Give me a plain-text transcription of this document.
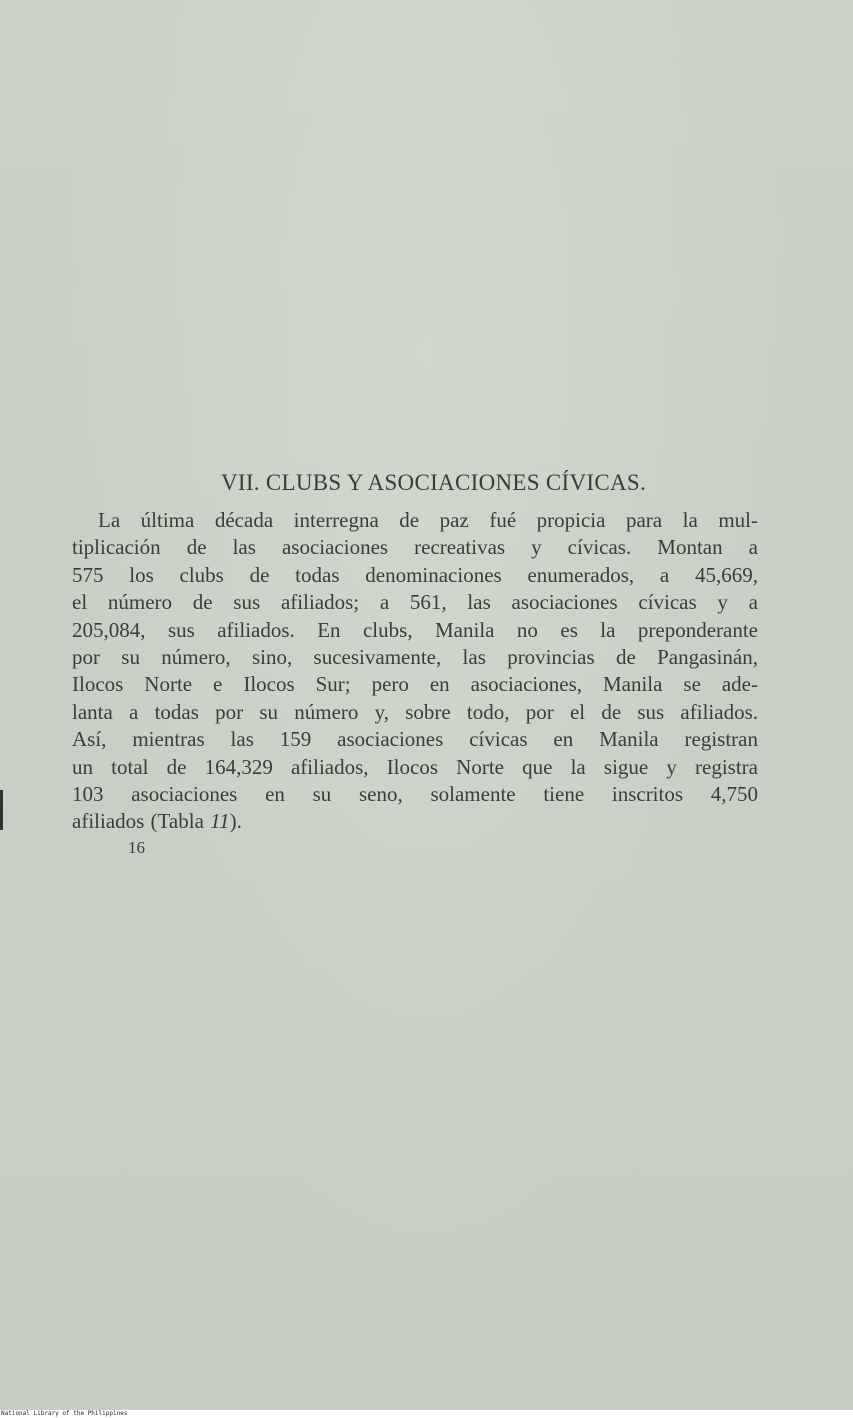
VII. CLUBS Y ASOCIACIONES CÍVICAS.
La última década interregna de paz fué propicia para la mul-
tiplicación de las asociaciones recreativas y cívicas. Montan a
575 los clubs de todas denominaciones enumerados, a 45,669,
el número de sus afiliados; a 561, las asociaciones cívicas y a
205,084, sus afiliados. En clubs, Manila no es la preponderante
por su número, sino, sucesivamente, las provincias de Pangasinán,
Ilocos Norte e Ilocos Sur; pero en asociaciones, Manila se ade-
lanta a todas por su número y, sobre todo, por el de sus afiliados.
Así, mientras las 159 asociaciones cívicas en Manila registran
un total de 164,329 afiliados, Ilocos Norte que la sigue y registra
103 asociaciones en su seno, solamente tiene inscritos 4,750
afiliados (Tabla 11).
16
National Library of the Philippines
